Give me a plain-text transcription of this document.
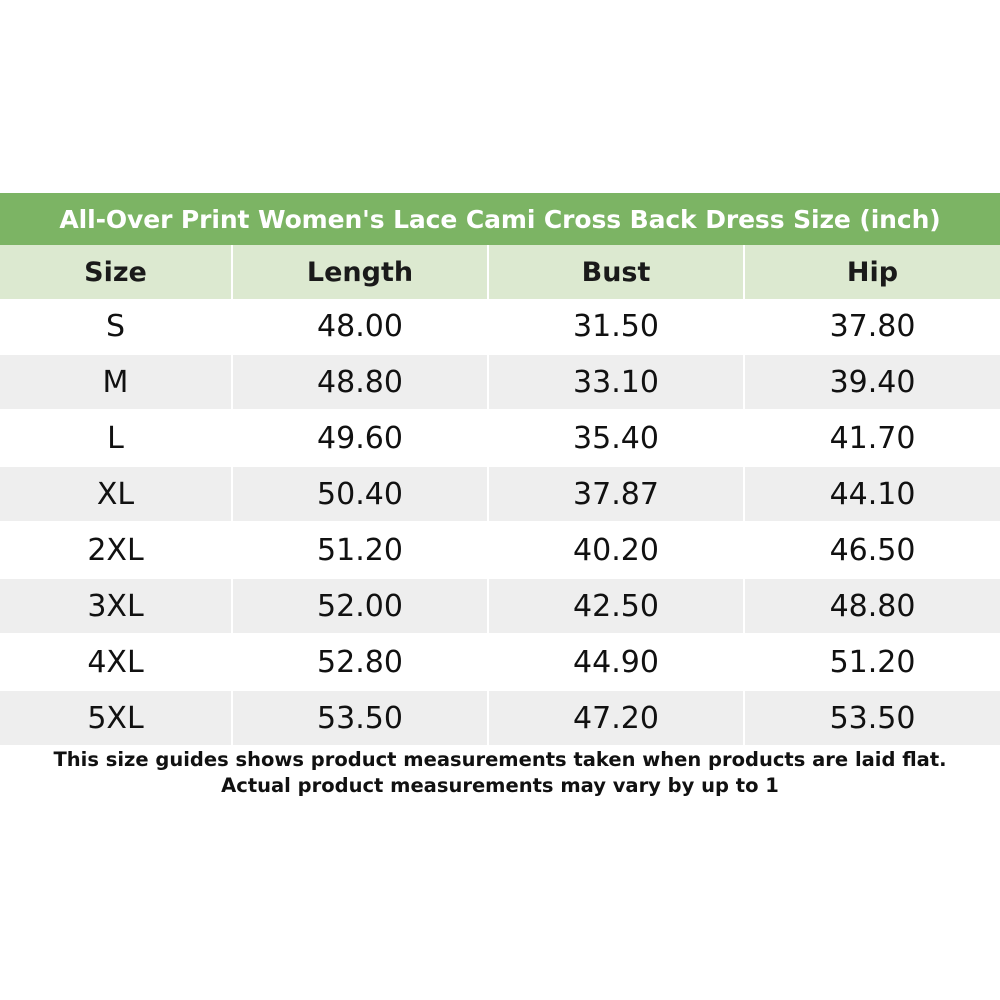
All-Over Print Women's Lace Cami Cross Back Dress Size (inch)			
Size	Length	Bust	Hip
S	48.00	31.50	37.80
M	48.80	33.10	39.40
L	49.60	35.40	41.70
XL	50.40	37.87	44.10
2XL	51.20	40.20	46.50
3XL	52.00	42.50	48.80
4XL	52.80	44.90	51.20
5XL	53.50	47.20	53.50

This size guides shows product measurements taken when products are laid flat.
Actual product measurements may vary by up to 1			
